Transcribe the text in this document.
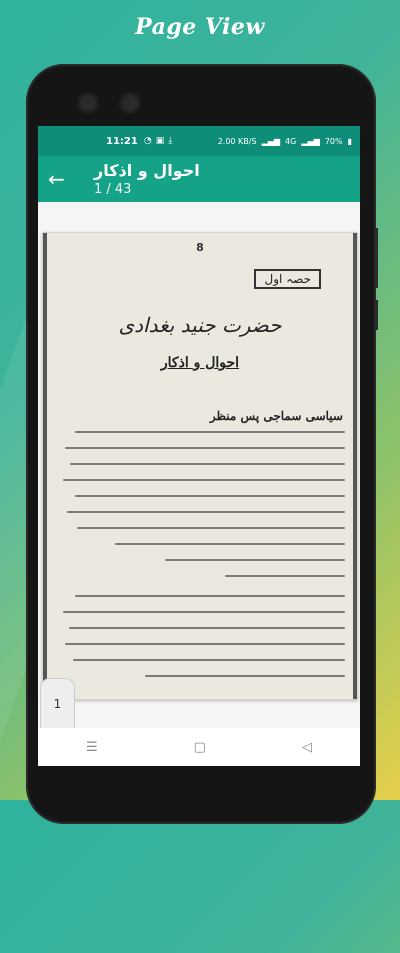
Page View
11:21 ◔ ▣ ⤓	2.00 KB/S ▂▄▆ 4G ▂▄▆ 70% ▮
←	احوال و اذکار
1 / 43
8
حصہ اول
حضرت جنید بغدادی
احوال و اذکار
سیاسی سماجی پس منظر
1
☰	▢	◁
